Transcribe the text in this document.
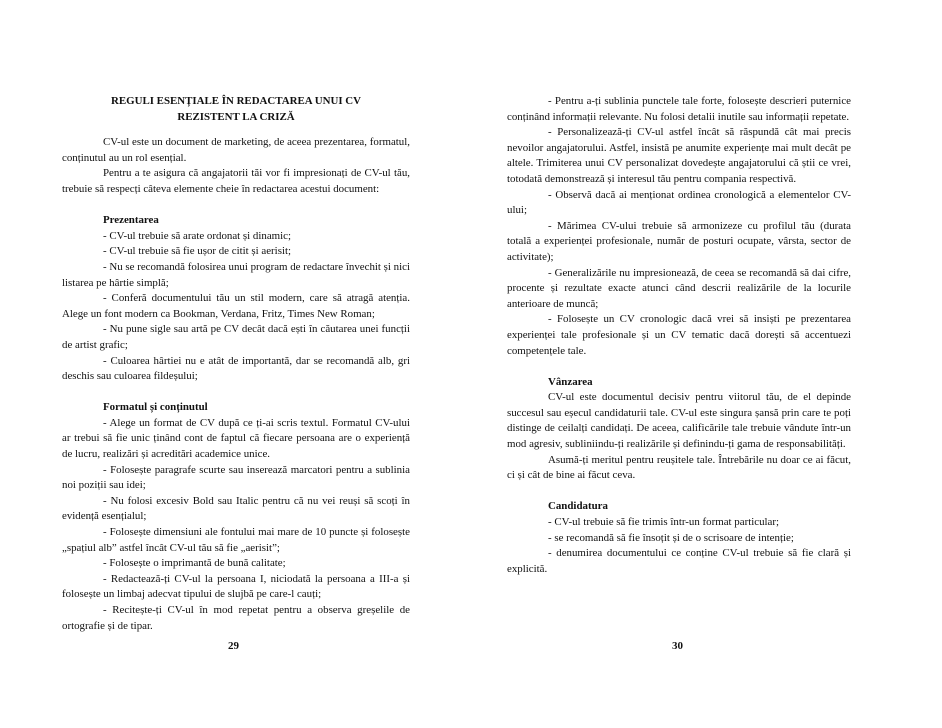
REGULI ESENȚIALE ÎN REDACTAREA UNUI CV
REZISTENT LA CRIZĂ

CV-ul este un document de marketing, de aceea prezentarea, formatul, conținutul au un rol esențial.

Pentru a te asigura că angajatorii tăi vor fi impresionați de CV-ul tău, trebuie să respecți câteva elemente cheie în redactarea acestui document:

Prezentarea

- CV-ul trebuie să arate ordonat și dinamic;

- CV-ul trebuie să fie ușor de citit și aerisit;

- Nu se recomandă folosirea unui program de redactare învechit și nici listarea pe hârtie simplă;

- Conferă documentului tău un stil modern, care să atragă atenția. Alege un font modern ca Bookman, Verdana, Fritz, Times New Roman;

- Nu pune sigle sau artă pe CV decât dacă ești în căutarea unei funcții de artist grafic;

- Culoarea hârtiei nu e atât de importantă, dar se recomandă alb, gri deschis sau culoarea fildeșului;

Formatul și conținutul

- Alege un format de CV după ce ți-ai scris textul. Formatul CV-ului ar trebui să fie unic ținând cont de faptul că fiecare persoana are o experiență de lucru, realizări și acreditări academice unice.

- Folosește paragrafe scurte sau inserează marcatori pentru a sublinia noi poziții sau idei;

- Nu folosi excesiv Bold sau Italic pentru că nu vei reuși să scoți în evidență esențialul;

- Folosește dimensiuni ale fontului mai mare de 10 puncte și folosește „spațiul alb” astfel încât CV-ul tău să fie „aerisit”;

- Folosește o imprimantă de bună calitate;

- Redactează-ți CV-ul la persoana I, niciodată la persoana a III-a și folosește un limbaj adecvat tipului de slujbă pe care-l cauți;

- Recitește-ți CV-ul în mod repetat pentru a observa greșelile de ortografie și de tipar.

29

- Pentru a-ți sublinia punctele tale forte, folosește descrieri puternice conținând informații relevante. Nu folosi detalii inutile sau informații repetate.

- Personalizează-ți CV-ul astfel încât să răspundă cât mai precis nevoilor angajatorului. Astfel, insistă pe anumite experiențe mai mult decât pe altele. Trimiterea unui CV personalizat dovedește angajatorului că știi ce vrei, totodată demonstrează și interesul tău pentru compania respectivă.

- Observă dacă ai menționat ordinea cronologică a elementelor CV-ului;

- Mărimea CV-ului trebuie să armonizeze cu profilul tău (durata totală a experienței profesionale, număr de posturi ocupate, vârsta, sector de activitate);

- Generalizările nu impresionează, de ceea se recomandă să dai cifre, procente și rezultate exacte atunci când descrii realizările de la locurile anterioare de muncă;

- Folosește un CV cronologic dacă vrei să insiști pe prezentarea experienței tale profesionale și un CV tematic dacă dorești să accentuezi competențele tale.

Vânzarea

CV-ul este documentul decisiv pentru viitorul tău, de el depinde succesul sau eșecul candidaturii tale. CV-ul este singura șansă prin care te poți distinge de ceilalți candidați. De aceea, calificările tale trebuie vândute într-un mod agresiv, subliniindu-ți realizările și definindu-ți gama de responsabilități.

Asumă-ți meritul pentru reușitele tale. Întrebările nu doar ce ai făcut, ci și cât de bine ai făcut ceva.

Candidatura

- CV-ul trebuie să fie trimis într-un format particular;

- se recomandă să fie însoțit și de o scrisoare de intenție;

- denumirea documentului ce conține CV-ul trebuie să fie clară și explicită.

30
